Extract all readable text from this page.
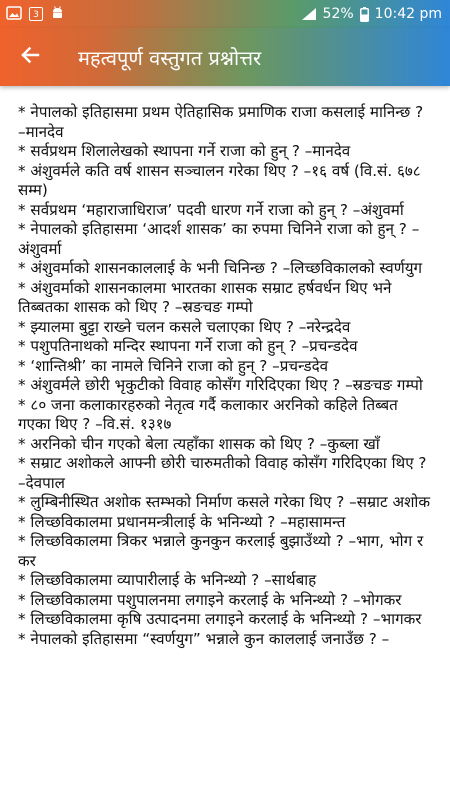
3	52% 10:42 pm
महत्वपूर्ण वस्तुगत प्रश्नोत्तर

* नेपालको इतिहासमा प्रथम ऐतिहासिक प्रमाणिक राजा कसलाई मानिन्छ ? –मानदेव

* सर्वप्रथम शिलालेखको स्थापना गर्ने राजा को हुन् ? –मानदेव

* अंशुवर्मले कति वर्ष शासन सञ्चालन गरेका थिए ? –१६ वर्ष (वि.सं. ६७८ सम्म)

* सर्वप्रथम ‘महाराजाधिराज’ पदवी धारण गर्ने राजा को हुन् ? –अंशुवर्मा

* नेपालको इतिहासमा ‘आदर्श शासक’ का रुपमा चिनिने राजा को हुन् ? –अंशुवर्मा

* अंशुवर्माको शासनकाललाई के भनी चिनिन्छ ? –लिच्छविकालको स्वर्णयुग

* अंशुवर्माको शासनकालमा भारतका शासक सम्राट हर्षवर्धन थिए भने तिब्बतका शासक को थिए ? –स्रङचङ गम्पो

* झ्यालमा बुट्टा राख्ने चलन कसले चलाएका थिए ? –नरेन्द्रदेव

* पशुपतिनाथको मन्दिर स्थापना गर्ने राजा को हुन् ? –प्रचन्डदेव

* ‘शान्तिश्री’ का नामले चिनिने राजा को हुन् ? –प्रचन्डदेव

* अंशुवर्मले छोरी भृकुटीको विवाह कोसँग गरिदिएका थिए ? –स्रङचङ गम्पो

* ८० जना कलाकारहरुको नेतृत्व गर्दै कलाकार अरनिको कहिले तिब्बत गएका थिए ? –वि.सं. १३१७

* अरनिको चीन गएको बेला त्यहाँका शासक को थिए ? –कुब्ला खाँ

* सम्राट अशोकले आफ्नी छोरी चारुमतीको विवाह कोसँग गरिदिएका थिए ? –देवपाल

* लुम्बिनीस्थित अशोक स्तम्भको निर्माण कसले गरेका थिए ? –सम्राट अशोक

* लिच्छविकालमा प्रधानमन्त्रीलाई के भनिन्थ्यो ? –महासामन्त

* लिच्छविकालमा त्रिकर भन्नाले कुनकुन करलाई बुझाउँथ्यो ? –भाग, भोग र कर

* लिच्छविकालमा व्यापारीलाई के भनिन्थ्यो ? –सार्थबाह

* लिच्छविकालमा पशुपालनमा लगाइने करलाई के भनिन्थ्यो ? –भोगकर

* लिच्छविकालमा कृषि उत्पादनमा लगाइने करलाई के भनिन्थ्यो ? –भागकर

* नेपालको इतिहासमा “स्वर्णयुग” भन्नाले कुन काललाई जनाउँछ ? –
